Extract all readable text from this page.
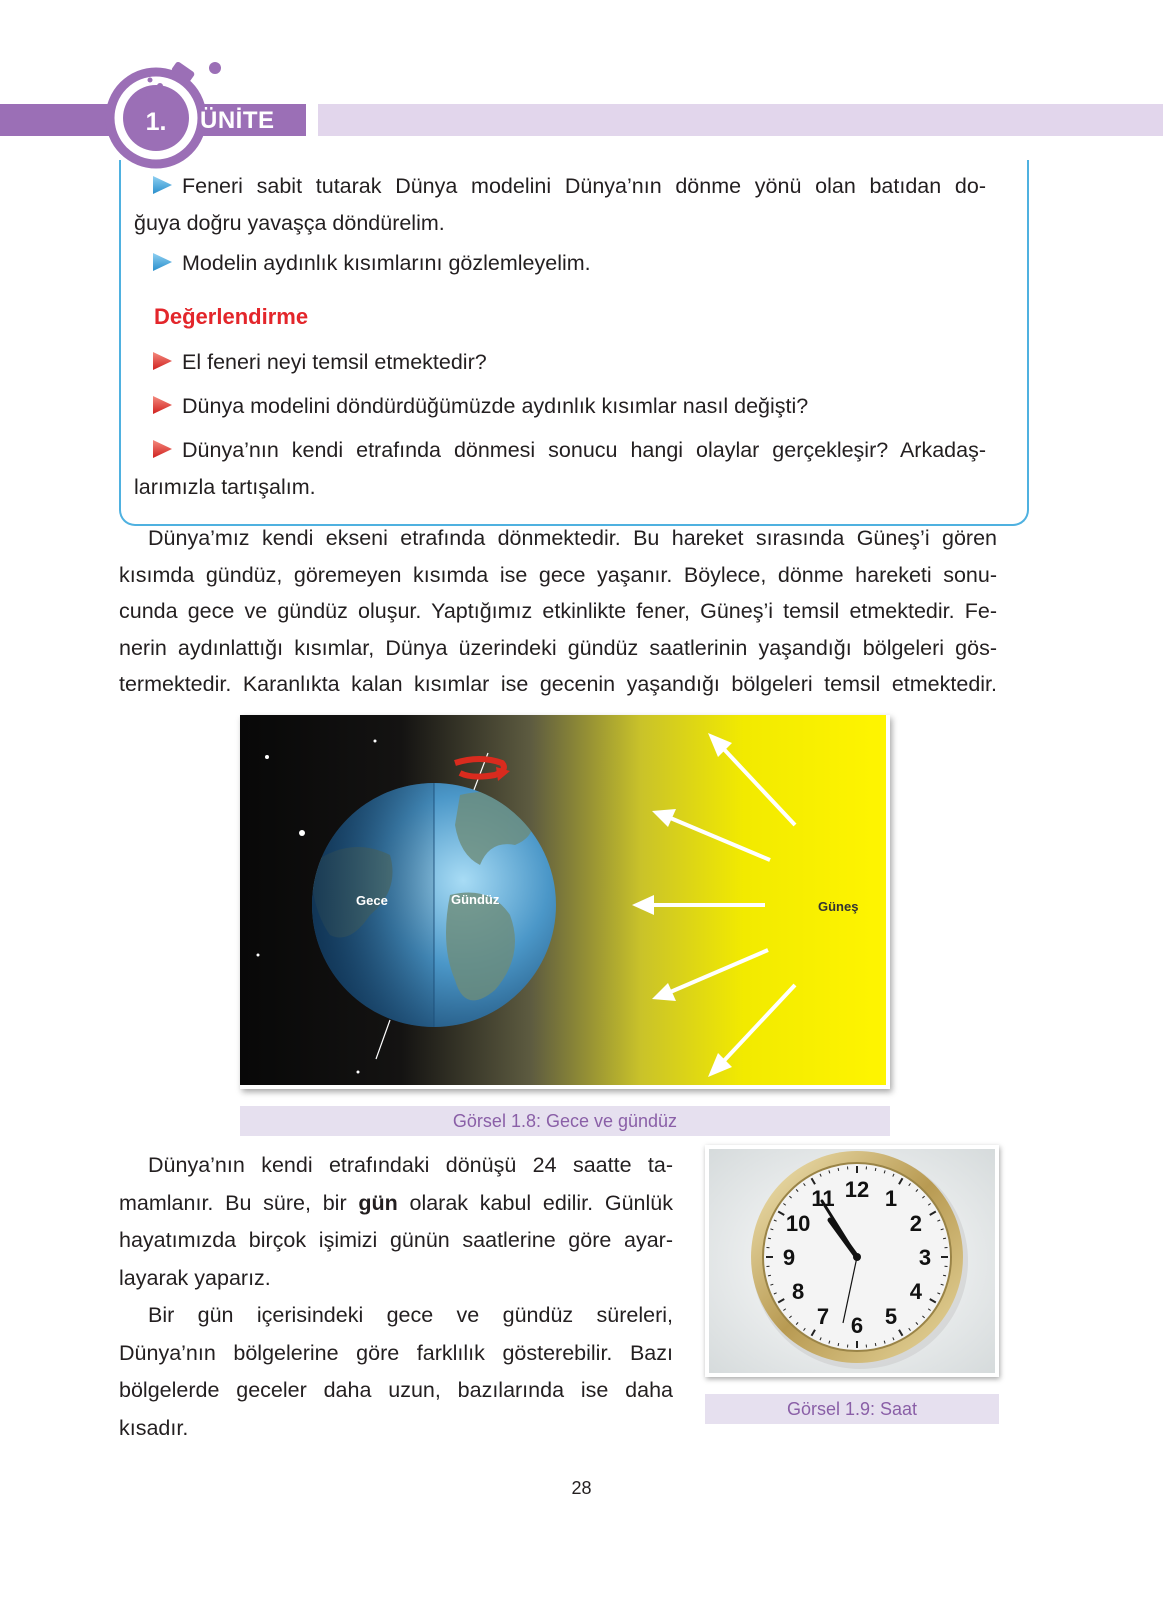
1.	ÜNİTE
Feneri sabit tutarak Dünya modelini Dünya’nın dönme yönü olan batıdan do-
ğuya doğru yavaşça döndürelim.
Modelin aydınlık kısımlarını gözlemleyelim.
Değerlendirme
El feneri neyi temsil etmektedir?
Dünya modelini döndürdüğümüzde aydınlık kısımlar nasıl değişti?
Dünya’nın kendi etrafında dönmesi sonucu hangi olaylar gerçekleşir? Arkadaş-
larımızla tartışalım.
Dünya’mız kendi ekseni etrafında dönmektedir. Bu hareket sırasında Güneş’i gören
kısımda gündüz, göremeyen kısımda ise gece yaşanır. Böylece, dönme hareketi sonu-
cunda gece ve gündüz oluşur. Yaptığımız etkinlikte fener, Güneş’i temsil etmektedir. Fe-
nerin aydınlattığı kısımlar, Dünya üzerindeki gündüz saatlerinin yaşandığı bölgeleri gös-
termektedir. Karanlıkta kalan kısımlar ise gecenin yaşandığı bölgeleri temsil etmektedir.
Gece	Gündüz	Güneş
Görsel 1.8: Gece ve gündüz
Dünya’nın kendi etrafındaki dönüşü 24 saatte ta-
mamlanır. Bu süre, bir gün olarak kabul edilir. Günlük
hayatımızda birçok işimizi günün saatlerine göre ayar-
layarak yaparız.
Bir gün içerisindeki gece ve gündüz süreleri,
Dünya’nın bölgelerine göre farklılık gösterebilir. Bazı
bölgelerde geceler daha uzun, bazılarında ise daha
kısadır.
12 1
2
3
4
5
6
7
8
9
10
11
Görsel 1.9: Saat
28
